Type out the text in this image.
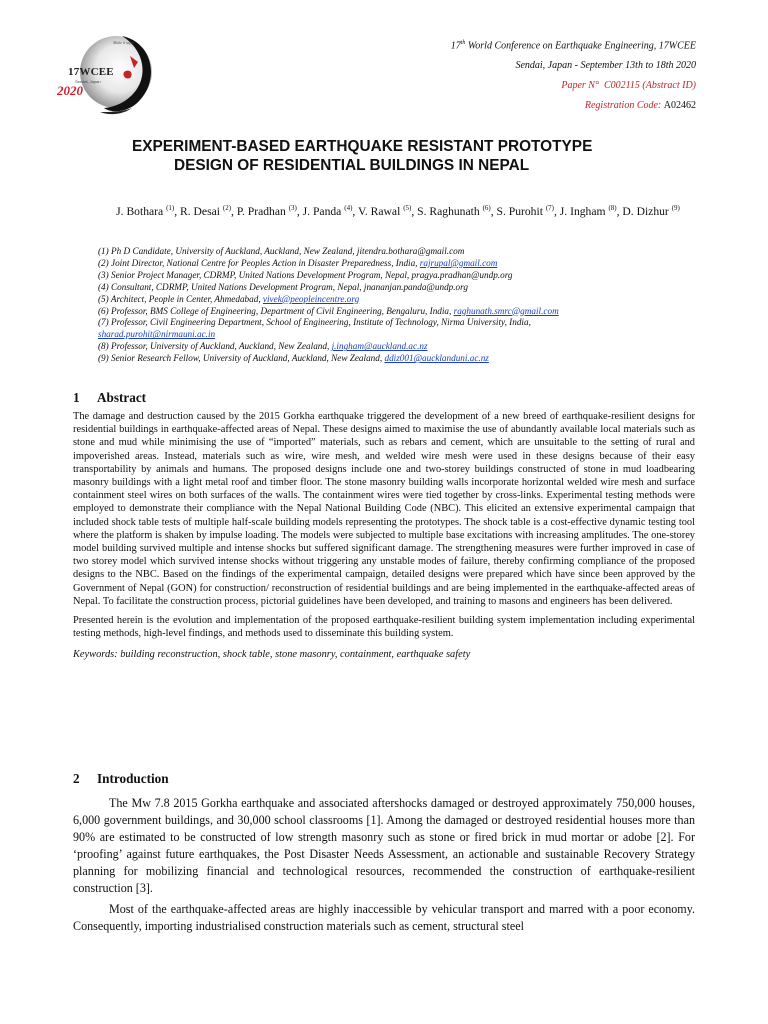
Make it safer
17WCEE
Sendai, Japan
2020
17th World Conference on Earthquake Engineering, 17WCEE
Sendai, Japan - September 13th to 18th 2020
Paper N°  C002115 (Abstract ID)
Registration Code: A02462
EXPERIMENT-BASED EARTHQUAKE RESISTANT PROTOTYPE
DESIGN OF RESIDENTIAL BUILDINGS IN NEPAL
J. Bothara $^{(1)}$, R. Desai $^{(2)}$, P. Pradhan $^{(3)}$, J. Panda $^{(4)}$, V. Rawal $^{(5)}$, S. Raghunath $^{(6)}$, S. Purohit $^{(7)}$, J. Ingham $^{(8)}$, D. Dizhur $^{(9)}$
(1) Ph D Candidate, University of Auckland, Auckland, New Zealand, jitendra.bothara@gmail.com
(2) Joint Director, National Centre for Peoples Action in Disaster Preparedness, India, rajrupal@gmail.com
(3) Senior Project Manager, CDRMP, United Nations Development Program, Nepal, pragya.pradhan@undp.org
(4) Consultant, CDRMP, United Nations Development Program, Nepal, jnananjan.panda@undp.org
(5) Architect, People in Center, Ahmedabad, vivek@peopleincentre.org
(6) Professor, BMS College of Engineering, Department of Civil Engineering, Bengaluru, India, raghunath.smrc@gmail.com
(7) Professor, Civil Engineering Department, School of Engineering, Institute of Technology, Nirma University, India,
sharad.purohit@nirmauni.ac.in
(8) Professor, University of Auckland, Auckland, New Zealand, j.ingham@auckland.ac.nz
(9) Senior Research Fellow, University of Auckland, Auckland, New Zealand, ddiz001@aucklanduni.ac.nz
1 Abstract

The damage and destruction caused by the 2015 Gorkha earthquake triggered the development of a new breed of earthquake-resilient designs for residential buildings in earthquake-affected areas of Nepal. These designs aimed to maximise the use of abundantly available local materials such as stone and mud while minimising the use of “imported” materials, such as rebars and cement, which are unsuitable to the setting of rural and impoverished areas. Instead, materials such as wire, wire mesh, and welded wire mesh were used in these designs because of their easy transportability by animals and humans. The proposed designs include one and two-storey buildings constructed of stone in mud loadbearing masonry buildings with a light metal roof and timber floor. The stone masonry building walls incorporate horizontal welded wire mesh and surface containment steel wires on both surfaces of the walls. The containment wires were tied together by cross-links. Experimental testing methods were employed to demonstrate their compliance with the Nepal National Building Code (NBC). This elicited an extensive experimental campaign that included shock table tests of multiple half-scale building models representing the prototypes. The shock table is a cost-effective dynamic testing tool where the platform is shaken by impulse loading. The models were subjected to multiple base excitations with increasing amplitudes. The one-storey model building survived multiple and intense shocks but suffered significant damage. The strengthening measures were further improved in case of two storey model which survived intense shocks without triggering any unstable modes of failure, thereby confirming compliance of the proposed designs to the NBC. Based on the findings of the experimental campaign, detailed designs were prepared which have since been approved by the Government of Nepal (GON) for construction/ reconstruction of residential buildings and are being implemented in the earthquake-affected areas of Nepal. To facilitate the construction process, pictorial guidelines have been developed, and training to masons and engineers has been delivered.

Presented herein is the evolution and implementation of the proposed earthquake-resilient building system implementation including experimental testing methods, high-level findings, and methods used to disseminate this building system.

Keywords: building reconstruction, shock table, stone masonry, containment, earthquake safety

2 Introduction

The Mw 7.8 2015 Gorkha earthquake and associated aftershocks damaged or destroyed approximately 750,000 houses, 6,000 government buildings, and 30,000 school classrooms [1]. Among the damaged or destroyed residential houses more than 90% are estimated to be constructed of low strength masonry such as stone or fired brick in mud mortar or adobe [2]. For ‘proofing’ against future earthquakes, the Post Disaster Needs Assessment, an actionable and sustainable Recovery Strategy planning for mobilizing financial and technological resources, recommended the construction of earthquake-resilient construction [3].

Most of the earthquake-affected areas are highly inaccessible by vehicular transport and marred with a poor economy. Consequently, importing industrialised construction materials such as cement, structural steel
